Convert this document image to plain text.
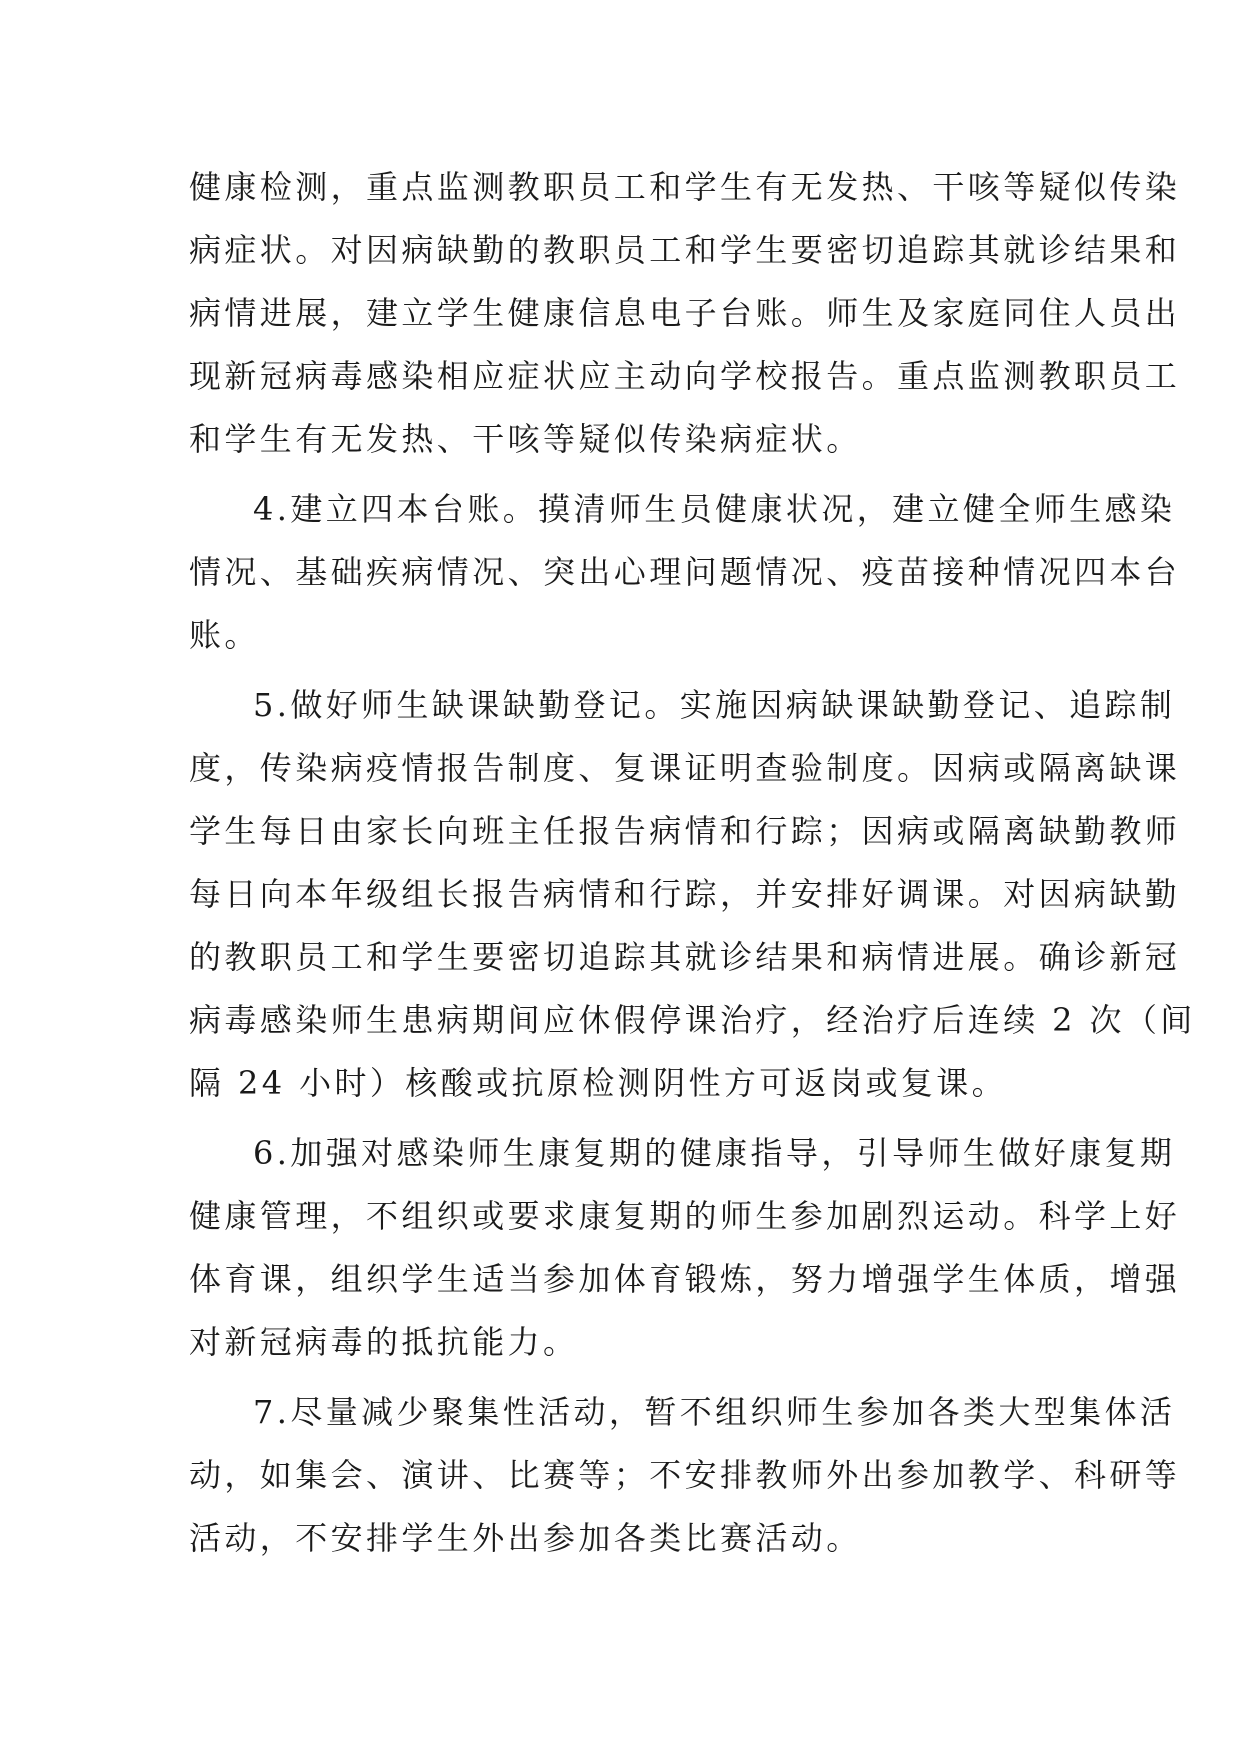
健康检测，重点监测教职员工和学生有无发热、干咳等疑似传染
病症状。对因病缺勤的教职员工和学生要密切追踪其就诊结果和
病情进展，建立学生健康信息电子台账。师生及家庭同住人员出
现新冠病毒感染相应症状应主动向学校报告。重点监测教职员工
和学生有无发热、干咳等疑似传染病症状。
4.建立四本台账。摸清师生员健康状况，建立健全师生感染
情况、基础疾病情况、突出心理问题情况、疫苗接种情况四本台
账。
5.做好师生缺课缺勤登记。实施因病缺课缺勤登记、追踪制
度，传染病疫情报告制度、复课证明查验制度。因病或隔离缺课
学生每日由家长向班主任报告病情和行踪；因病或隔离缺勤教师
每日向本年级组长报告病情和行踪，并安排好调课。对因病缺勤
的教职员工和学生要密切追踪其就诊结果和病情进展。确诊新冠
病毒感染师生患病期间应休假停课治疗，经治疗后连续 2 次（间
隔 24 小时）核酸或抗原检测阴性方可返岗或复课。
6.加强对感染师生康复期的健康指导，引导师生做好康复期
健康管理，不组织或要求康复期的师生参加剧烈运动。科学上好
体育课，组织学生适当参加体育锻炼，努力增强学生体质，增强
对新冠病毒的抵抗能力。
7.尽量减少聚集性活动，暂不组织师生参加各类大型集体活
动，如集会、演讲、比赛等；不安排教师外出参加教学、科研等
活动，不安排学生外出参加各类比赛活动。
